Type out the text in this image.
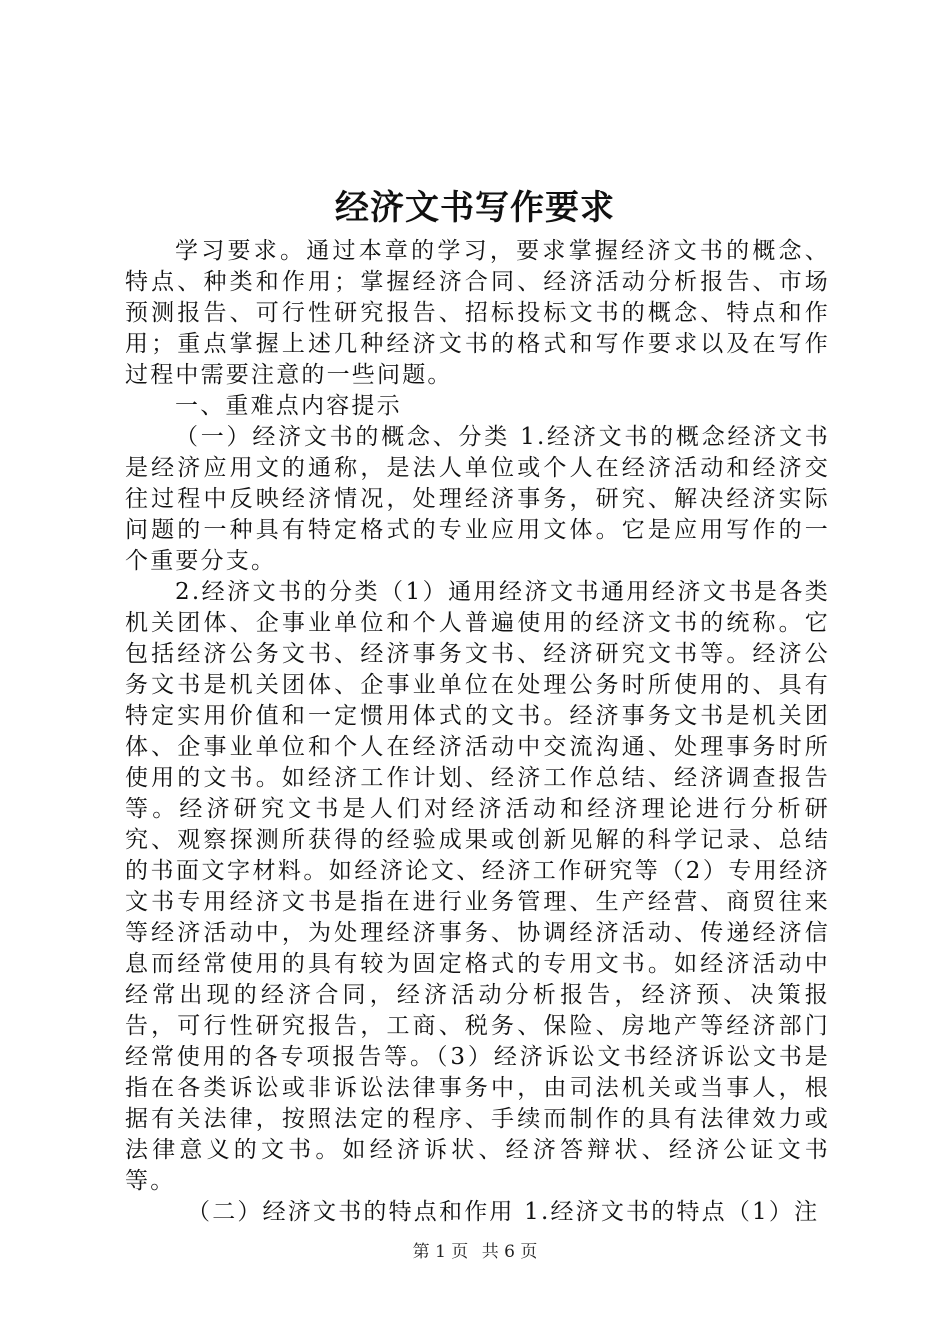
经济文书写作要求

学习要求。通过本章的学习，要求掌握经济文书的概念、特点、种类和作用；掌握经济合同、经济活动分析报告、市场预测报告、可行性研究报告、招标投标文书的概念、特点和作用；重点掌握上述几种经济文书的格式和写作要求以及在写作过程中需要注意的一些问题。

一、重难点内容提示

（一）经济文书的概念、分类 1.经济文书的概念经济文书是经济应用文的通称，是法人单位或个人在经济活动和经济交往过程中反映经济情况，处理经济事务，研究、解决经济实际问题的一种具有特定格式的专业应用文体。它是应用写作的一个重要分支。

2.经济文书的分类（1）通用经济文书通用经济文书是各类机关团体、企事业单位和个人普遍使用的经济文书的统称。它包括经济公务文书、经济事务文书、经济研究文书等。经济公务文书是机关团体、企事业单位在处理公务时所使用的、具有特定实用价值和一定惯用体式的文书。经济事务文书是机关团体、企事业单位和个人在经济活动中交流沟通、处理事务时所使用的文书。如经济工作计划、经济工作总结、经济调查报告等。经济研究文书是人们对经济活动和经济理论进行分析研究、观察探测所获得的经验成果或创新见解的科学记录、总结的书面文字材料。如经济论文、经济工作研究等（2）专用经济文书专用经济文书是指在进行业务管理、生产经营、商贸往来等经济活动中，为处理经济事务、协调经济活动、传递经济信息而经常使用的具有较为固定格式的专用文书。如经济活动中经常出现的经济合同，经济活动分析报告，经济预、决策报告，可行性研究报告，工商、税务、保险、房地产等经济部门经常使用的各专项报告等。（3）经济诉讼文书经济诉讼文书是指在各类诉讼或非诉讼法律事务中，由司法机关或当事人，根据有关法律，按照法定的程序、手续而制作的具有法律效力或法律意义的文书。如经济诉状、经济答辩状、经济公证文书等。

（二）经济文书的特点和作用 1.经济文书的特点（1）注

第 1 页 共 6 页
